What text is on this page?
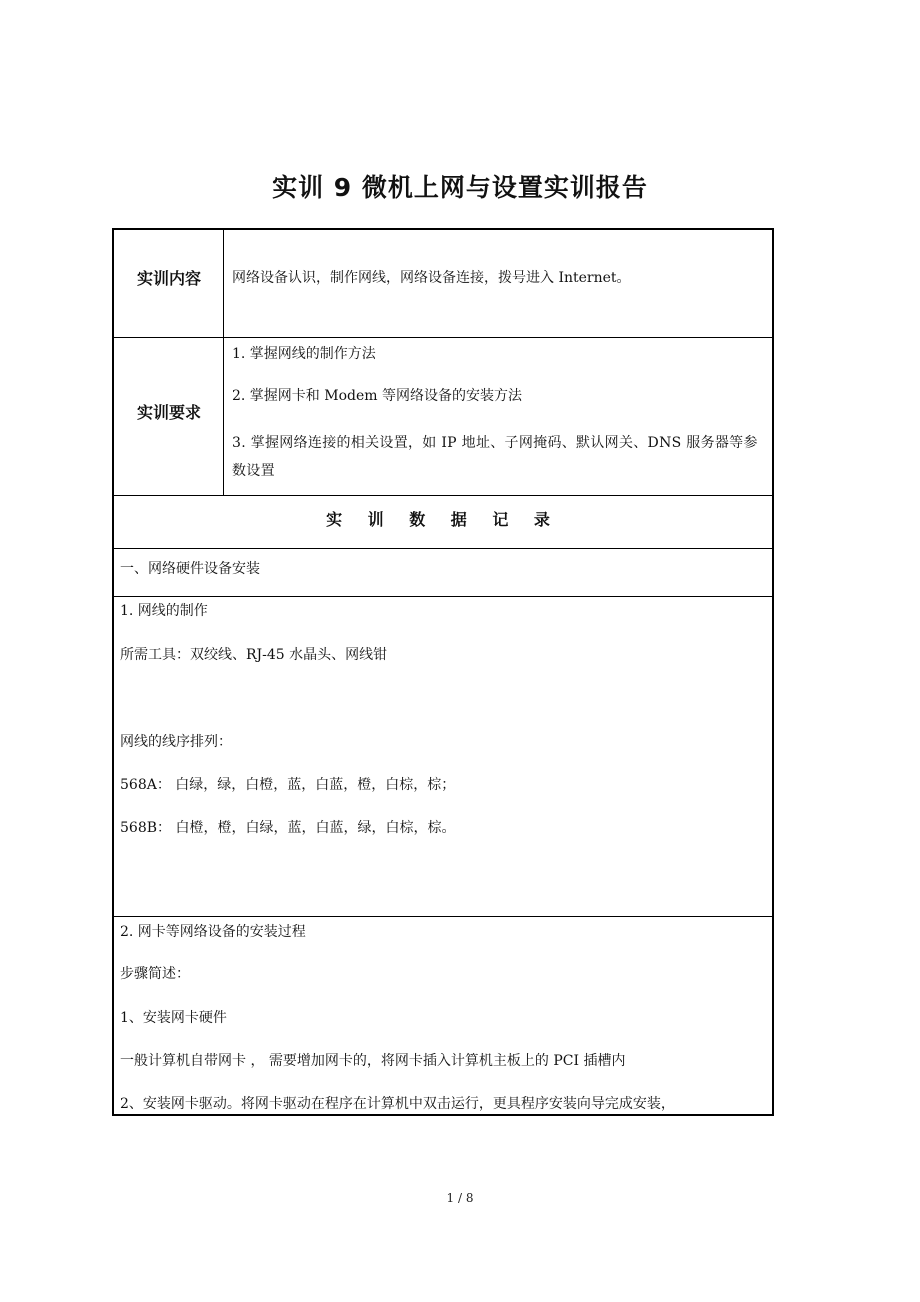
实训 9 微机上网与设置实训报告
实训内容	网络设备认识，制作网线，网络设备连接，拨号进入 Internet。
实训要求
1. 掌握网线的制作方法
2. 掌握网卡和 Modem 等网络设备的安装方法
3. 掌握网络连接的相关设置，如 IP 地址、子网掩码、默认网关、DNS 服务器等参数设置
实 训 数 据 记 录
一、网络硬件设备安装
1. 网线的制作
所需工具：双绞线、RJ-45 水晶头、网线钳
网线的线序排列：
568A： 白绿，绿，白橙，蓝，白蓝，橙，白棕，棕；
568B： 白橙，橙，白绿，蓝，白蓝，绿，白棕，棕。
2. 网卡等网络设备的安装过程
步骤简述：
1、安装网卡硬件
一般计算机自带网卡 ， 需要增加网卡的，将网卡插入计算机主板上的 PCI 插槽内
2、安装网卡驱动。将网卡驱动在程序在计算机中双击运行，更具程序安装向导完成安装，
1 / 8
